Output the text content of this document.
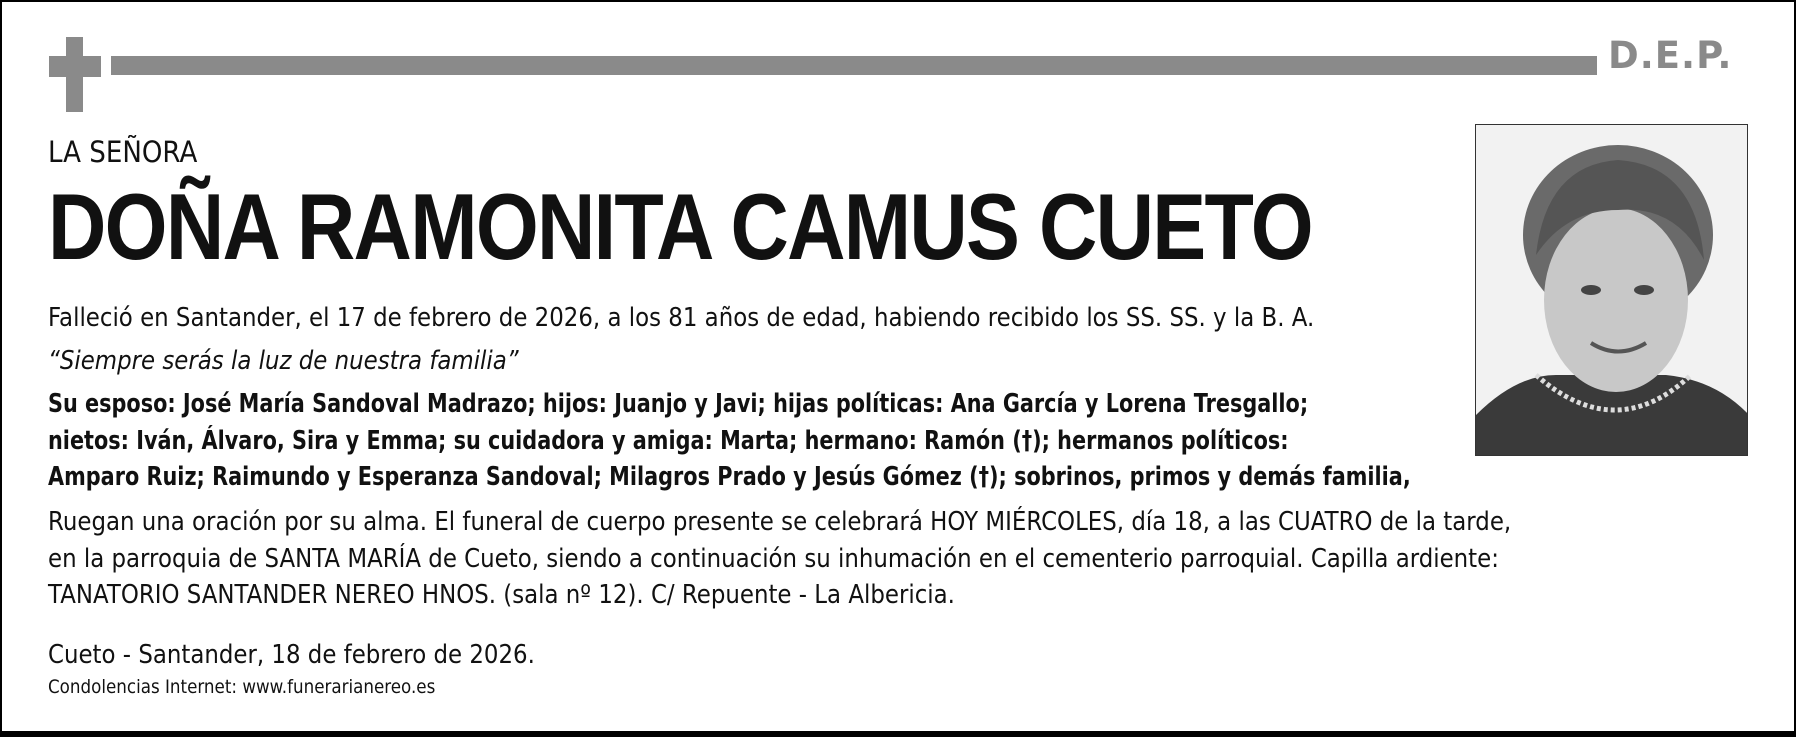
D.E.P.
LA SEÑORA
DOÑA RAMONITA CAMUS CUETO
Falleció en Santander, el 17 de febrero de 2026, a los 81 años de edad, habiendo recibido los SS. SS. y la B. A.
“Siempre serás la luz de nuestra familia”
Su esposo: José María Sandoval Madrazo; hijos: Juanjo y Javi; hijas políticas: Ana García y Lorena Tresgallo;
nietos: Iván, Álvaro, Sira y Emma; su cuidadora y amiga: Marta; hermano: Ramón (†); hermanos políticos:
Amparo Ruiz; Raimundo y Esperanza Sandoval; Milagros Prado y Jesús Gómez (†); sobrinos, primos y demás familia,
Ruegan una oración por su alma. El funeral de cuerpo presente se celebrará HOY MIÉRCOLES, día 18, a las CUATRO de la tarde,
en la parroquia de SANTA MARÍA de Cueto, siendo a continuación su inhumación en el cementerio parroquial. Capilla ardiente:
TANATORIO SANTANDER NEREO HNOS. (sala nº 12). C/ Repuente - La Albericia.
Cueto - Santander, 18 de febrero de 2026.
Condolencias Internet: www.funerarianereo.es
